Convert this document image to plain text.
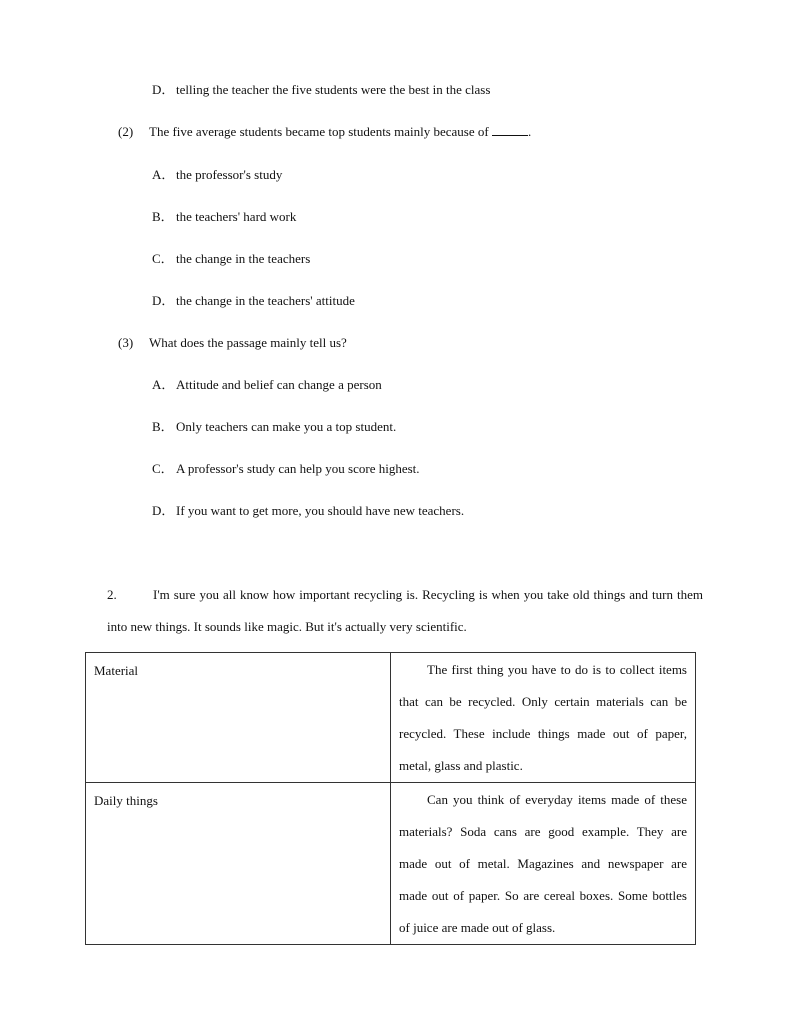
D． telling the teacher the five students were the best in the class
(2) The five average students became top students mainly because of	.
A． the professor's study
B． the teachers' hard work
C． the change in the teachers
D． the change in the teachers' attitude
(3) What does the passage mainly tell us?
A． Attitude and belief can change a person
B． Only teachers can make you a top student.
C． A professor's study can help you score highest.
D． If you want to get more, you should have new teachers.
2.	I'm sure you all know how important recycling is. Recycling is when you take old things and turn them into new things. It sounds like magic. But it's actually very scientific.
Material	The first thing you have to do is to collect items that can be recycled. Only certain materials can be recycled. These include things made out of paper, metal, glass and plastic.
Daily things	Can you think of everyday items made of these materials? Soda cans are good example. They are made out of metal. Magazines and newspaper are made out of paper. So are cereal boxes. Some bottles of juice are made out of glass.
